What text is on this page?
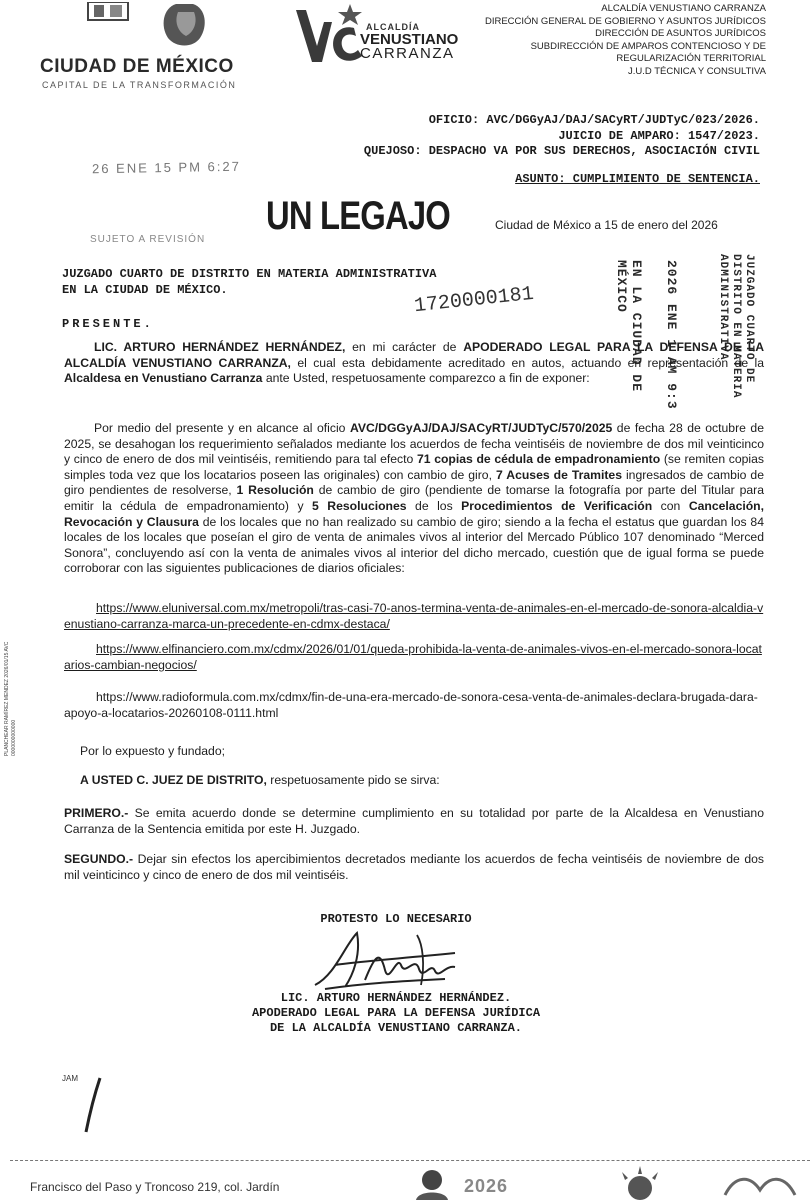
CIUDAD DE MÉXICO
CAPITAL DE LA TRANSFORMACIÓN
ALCALDÍA
VENUSTIANO
CARRANZA
ALCALDÍA VENUSTIANO CARRANZA
DIRECCIÓN GENERAL DE GOBIERNO Y ASUNTOS JURÍDICOS
DIRECCIÓN DE ASUNTOS JURÍDICOS
SUBDIRECCIÓN DE AMPAROS CONTENCIOSO Y DE
REGULARIZACIÓN TERRITORIAL
J.U.D TÉCNICA Y CONSULTIVA
OFICIO: AVC/DGGyAJ/DAJ/SACyRT/JUDTyC/023/2026.
JUICIO DE AMPARO: 1547/2023.
QUEJOSO: DESPACHO VA POR SUS DERECHOS, ASOCIACIÓN CIVIL
26 ENE 15 PM 6:27
ASUNTO: CUMPLIMIENTO DE SENTENCIA.
UN LEGAJO
SUJETO A REVISIÓN
Ciudad de México a 15 de enero del 2026
JUZGADO CUARTO DE DISTRITO EN MATERIA ADMINISTRATIVA
EN LA CIUDAD DE MÉXICO.
PRESENTE.
1720000181	EN LA CIUDAD DE MÉXICO	2026 ENE 1 AM 9:3	JUZGADO CUARTO DE DISTRITO EN MATERIA ADMINISTRATIVA
LIC. ARTURO HERNÁNDEZ HERNÁNDEZ, en mi carácter de APODERADO LEGAL PARA LA DEFENSA DE LA ALCALDÍA VENUSTIANO CARRANZA, el cual esta debidamente acreditado en autos, actuando en representación de la Alcaldesa en Venustiano Carranza ante Usted, respetuosamente comparezco a fin de exponer:
Por medio del presente y en alcance al oficio AVC/DGGyAJ/DAJ/SACyRT/JUDTyC/570/2025 de fecha 28 de octubre de 2025, se desahogan los requerimiento señalados mediante los acuerdos de fecha veintiséis de noviembre de dos mil veinticinco y cinco de enero de dos mil veintiséis, remitiendo para tal efecto 71 copias de cédula de empadronamiento (se remiten copias simples toda vez que los locatarios poseen las originales) con cambio de giro, 7 Acuses de Tramites ingresados de cambio de giro pendientes de resolverse, 1 Resolución de cambio de giro (pendiente de tomarse la fotografía por parte del Titular para emitir la cédula de empadronamiento) y 5 Resoluciones de los Procedimientos de Verificación con Cancelación, Revocación y Clausura de los locales que no han realizado su cambio de giro; siendo a la fecha el estatus que guardan los 84 locales de los locales que poseían el giro de venta de animales vivos al interior del Mercado Público 107 denominado “Merced Sonora”, concluyendo así con la venta de animales vivos al interior del dicho mercado, cuestión que de igual forma se puede corroborar con las siguientes publicaciones de diarios oficiales:
https://www.eluniversal.com.mx/metropoli/tras-casi-70-anos-termina-venta-de-animales-en-el-mercado-de-sonora-alcaldia-venustiano-carranza-marca-un-precedente-en-cdmx-destaca/
https://www.elfinanciero.com.mx/cdmx/2026/01/01/queda-prohibida-la-venta-de-animales-vivos-en-el-mercado-sonora-locatarios-cambian-negocios/
https://www.radioformula.com.mx/cdmx/fin-de-una-era-mercado-de-sonora-cesa-venta-de-animales-declara-brugada-dara-apoyo-a-locatarios-20260108-0111.html
PLANCHEAR RAMÍREZ MENDEZ 2026/01/15 AVC 0000000000000	Por lo expuesto y fundado;
A USTED C. JUEZ DE DISTRITO, respetuosamente pido se sirva:
PRIMERO.- Se emita acuerdo donde se determine cumplimiento en su totalidad por parte de la Alcaldesa en Venustiano Carranza de la Sentencia emitida por este H. Juzgado.
SEGUNDO.- Dejar sin efectos los apercibimientos decretados mediante los acuerdos de fecha veintiséis de noviembre de dos mil veinticinco y cinco de enero de dos mil veintiséis.
PROTESTO LO NECESARIO
LIC. ARTURO HERNÁNDEZ HERNÁNDEZ.
APODERADO LEGAL PARA LA DEFENSA JURÍDICA
DE LA ALCALDÍA VENUSTIANO CARRANZA.
JAM
Francisco del Paso y Troncoso 219, col. Jardín	2026
